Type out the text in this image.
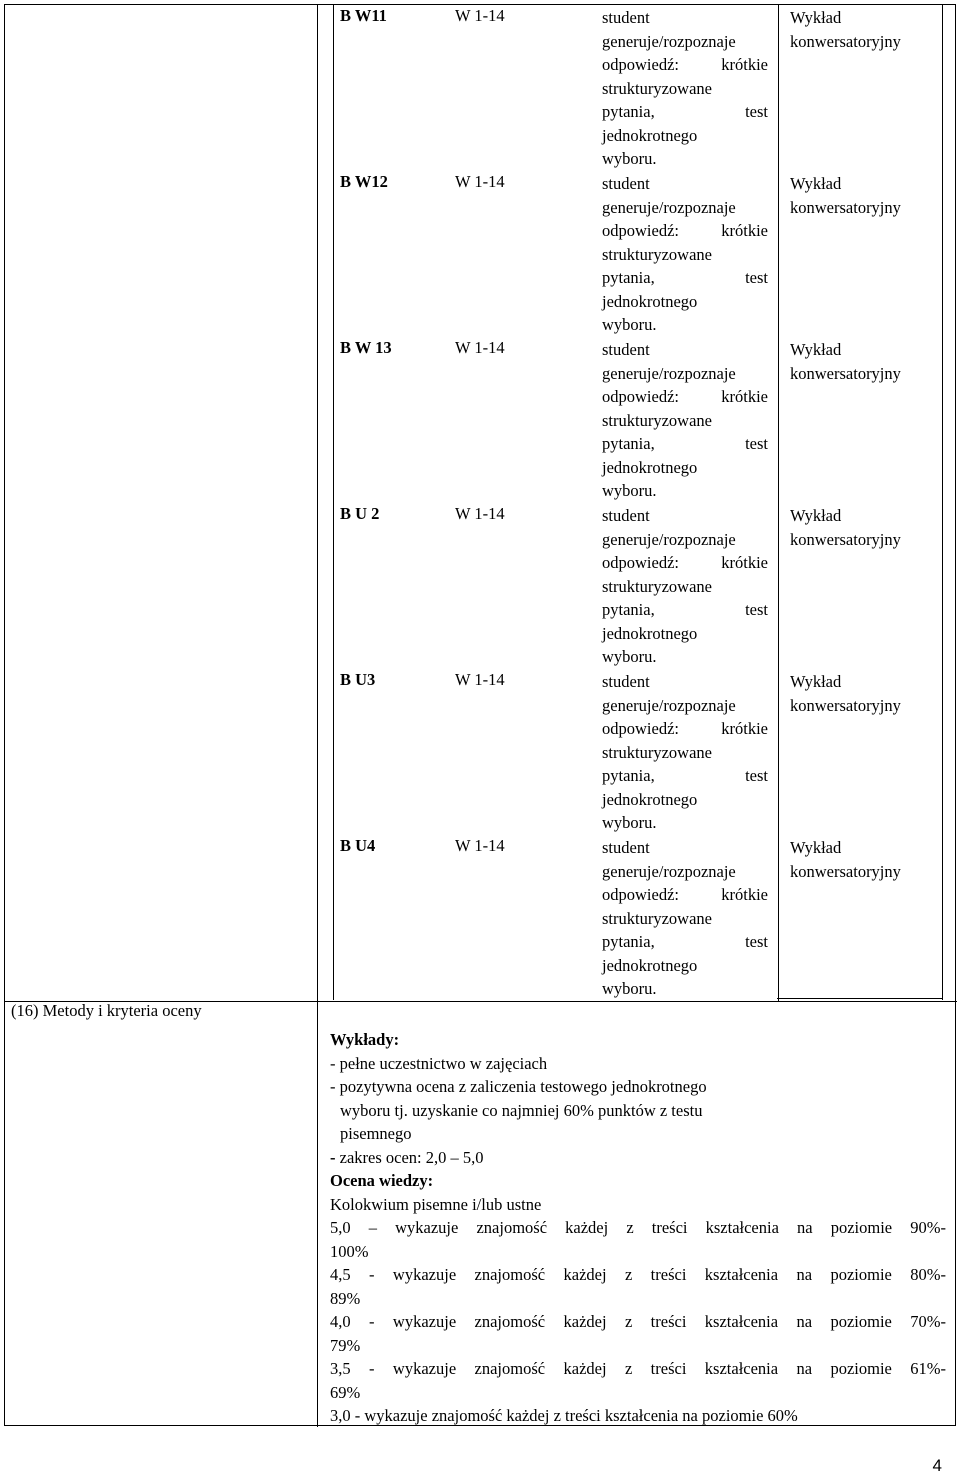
(16) Metody i kryteria oceny
B W11	W 1-14	student
generuje/rozpoznaje
odpowiedź: krótkie
strukturyzowane
pytania, test
jednokrotnego
wyboru.
Wykład
konwersatoryjny
B W12	W 1-14	student
generuje/rozpoznaje
odpowiedź: krótkie
strukturyzowane
pytania, test
jednokrotnego
wyboru.
Wykład
konwersatoryjny
B W 13	W 1-14	student
generuje/rozpoznaje
odpowiedź: krótkie
strukturyzowane
pytania, test
jednokrotnego
wyboru.
Wykład
konwersatoryjny
B U 2	W 1-14	student
generuje/rozpoznaje
odpowiedź: krótkie
strukturyzowane
pytania, test
jednokrotnego
wyboru.
Wykład
konwersatoryjny
B U3	W 1-14	student
generuje/rozpoznaje
odpowiedź: krótkie
strukturyzowane
pytania, test
jednokrotnego
wyboru.
Wykład
konwersatoryjny
B U4	W 1-14	student
generuje/rozpoznaje
odpowiedź: krótkie
strukturyzowane
pytania, test
jednokrotnego
wyboru.
Wykład
konwersatoryjny
Wykłady:
- pełne uczestnictwo w zajęciach
- pozytywna ocena z zaliczenia testowego jednokrotnego
wyboru tj. uzyskanie co najmniej 60% punktów z testu
pisemnego
- zakres ocen: 2,0 – 5,0
Ocena wiedzy:
Kolokwium pisemne i/lub ustne
5,0 – wykazuje znajomość każdej z treści kształcenia na poziomie 90%-
100%
4,5 - wykazuje znajomość każdej z treści kształcenia na poziomie 80%-
89%
4,0 - wykazuje znajomość każdej z treści kształcenia na poziomie 70%-
79%
3,5 - wykazuje znajomość każdej z treści kształcenia na poziomie 61%-
69%
3,0 - wykazuje znajomość każdej z treści kształcenia na poziomie 60%
4
